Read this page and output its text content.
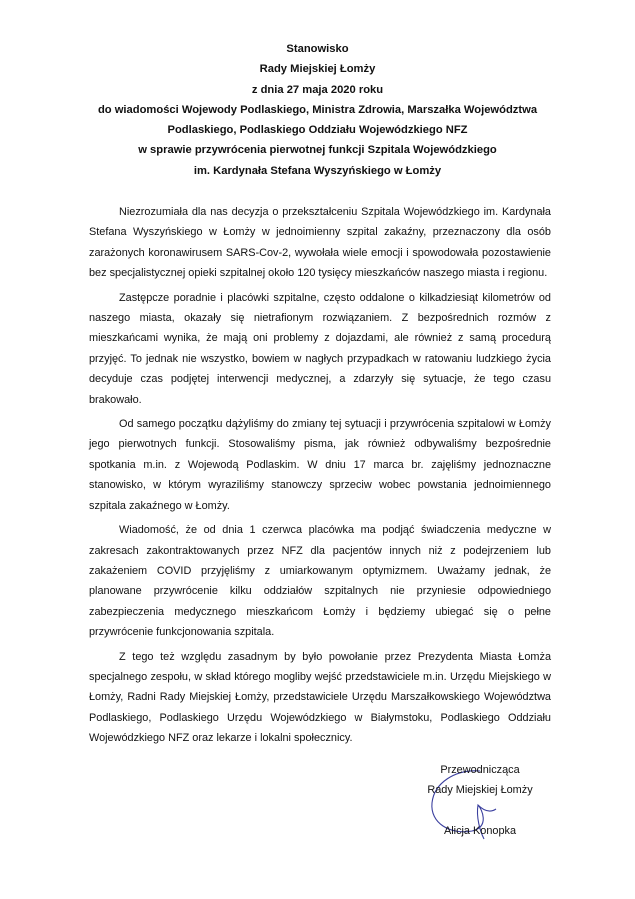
Stanowisko
Rady Miejskiej Łomży
z dnia 27 maja 2020 roku
do wiadomości Wojewody Podlaskiego, Ministra Zdrowia, Marszałka Województwa
Podlaskiego, Podlaskiego Oddziału Wojewódzkiego NFZ
w sprawie przywrócenia pierwotnej funkcji Szpitala Wojewódzkiego
im. Kardynała Stefana Wyszyńskiego w Łomży

Niezrozumiała dla nas decyzja o przekształceniu Szpitala Wojewódzkiego im. Kardynała Stefana Wyszyńskiego w Łomży w jednoimienny szpital zakaźny, przeznaczony dla osób zarażonych koronawirusem SARS-Cov-2, wywołała wiele emocji i spowodowała pozostawienie bez specjalistycznej opieki szpitalnej około 120 tysięcy mieszkańców naszego miasta i regionu.

Zastępcze poradnie i placówki szpitalne, często oddalone o kilkadziesiąt kilometrów od naszego miasta, okazały się nietrafionym rozwiązaniem. Z bezpośrednich rozmów z mieszkańcami wynika, że mają oni problemy z dojazdami, ale również z samą procedurą przyjęć. To jednak nie wszystko, bowiem w nagłych przypadkach w ratowaniu ludzkiego życia decyduje czas podjętej interwencji medycznej, a zdarzyły się sytuacje, że tego czasu brakowało.

Od samego początku dążyliśmy do zmiany tej sytuacji i przywrócenia szpitalowi w Łomży jego pierwotnych funkcji. Stosowaliśmy pisma, jak również odbywaliśmy bezpośrednie spotkania m.in. z Wojewodą Podlaskim. W dniu 17 marca br. zajęliśmy jednoznaczne stanowisko, w którym wyraziliśmy stanowczy sprzeciw wobec powstania jednoimiennego szpitala zakaźnego w Łomży.

Wiadomość, że od dnia 1 czerwca placówka ma podjąć świadczenia medyczne w zakresach zakontraktowanych przez NFZ dla pacjentów innych niż z podejrzeniem lub zakażeniem COVID przyjęliśmy z umiarkowanym optymizmem. Uważamy jednak, że planowane przywrócenie kilku oddziałów szpitalnych nie przyniesie odpowiedniego zabezpieczenia medycznego mieszkańcom Łomży i będziemy ubiegać się o pełne przywrócenie funkcjonowania szpitala.

Z tego też względu zasadnym by było powołanie przez Prezydenta Miasta Łomża specjalnego zespołu, w skład którego mogliby wejść przedstawiciele m.in. Urzędu Miejskiego w Łomży, Radni Rady Miejskiej Łomży, przedstawiciele Urzędu Marszałkowskiego Województwa Podlaskiego, Podlaskiego Urzędu Wojewódzkiego w Białymstoku, Podlaskiego Oddziału Wojewódzkiego NFZ oraz lekarze i lokalni społecznicy.

Przewodnicząca
Rady Miejskiej Łomży
Alicja Konopka
